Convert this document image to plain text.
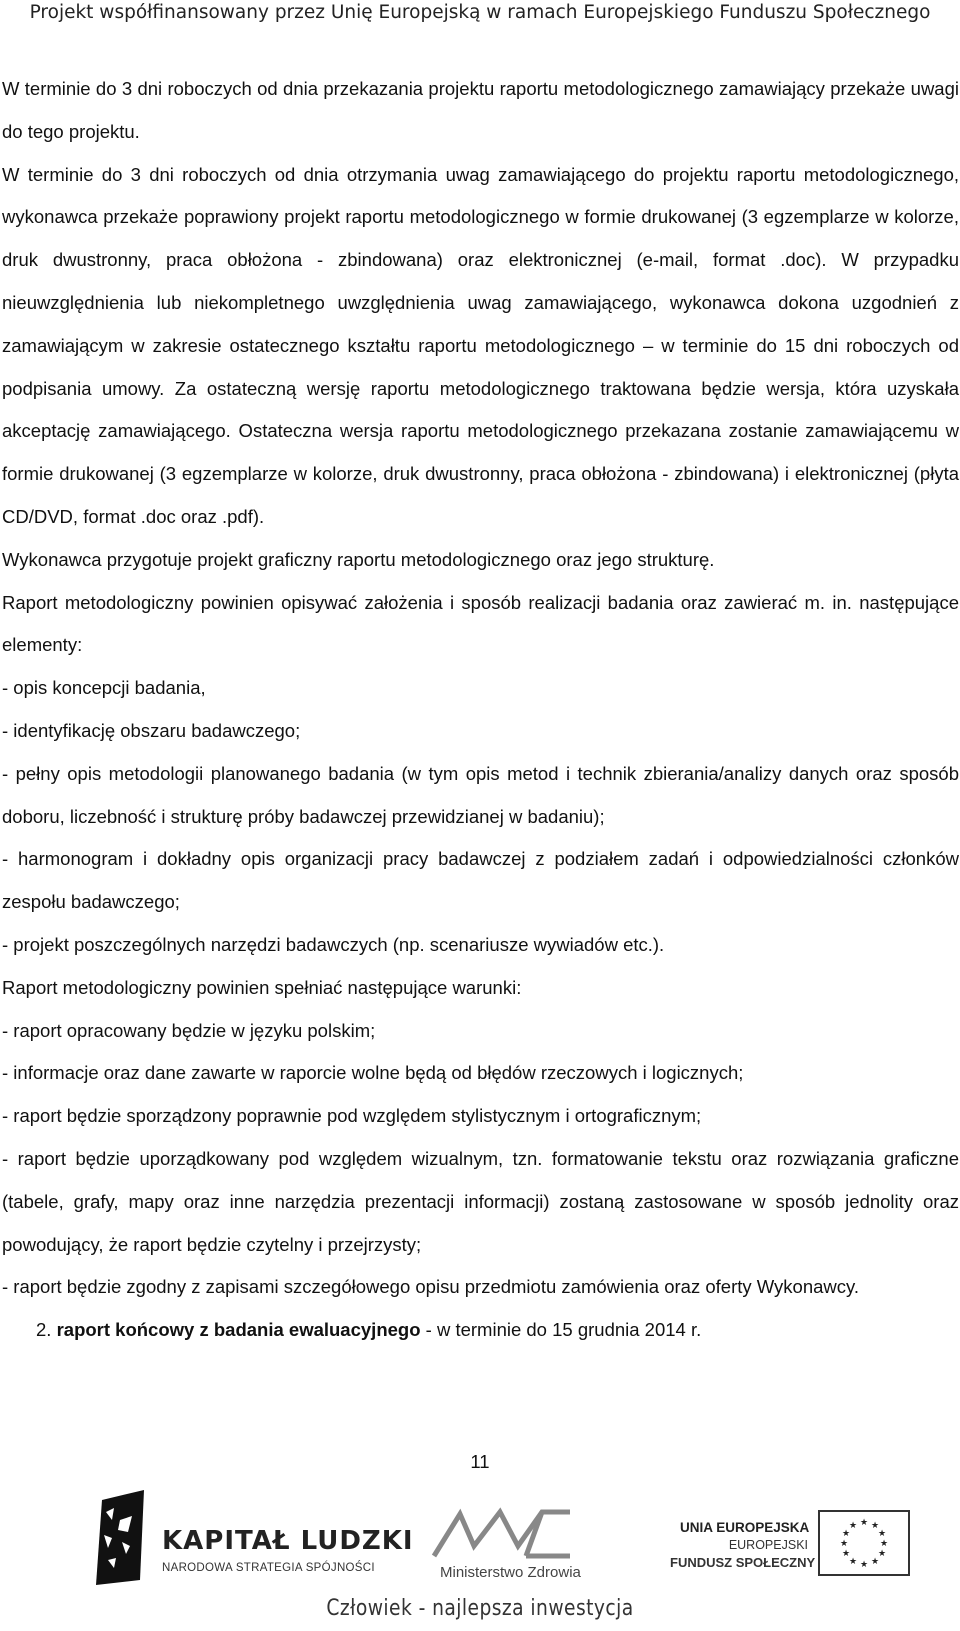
Projekt współfinansowany przez Unię Europejską w ramach Europejskiego Funduszu Społecznego

W terminie do 3 dni roboczych od dnia przekazania projektu raportu metodologicznego zamawiający przekaże uwagi do tego projektu.

W terminie do 3 dni roboczych od dnia otrzymania uwag zamawiającego do projektu raportu metodologicznego, wykonawca przekaże poprawiony projekt raportu metodologicznego w formie drukowanej (3 egzemplarze w kolorze, druk dwustronny, praca obłożona - zbindowana) oraz elektronicznej (e-mail, format .doc). W przypadku nieuwzględnienia lub niekompletnego uwzględnienia uwag zamawiającego, wykonawca dokona uzgodnień z zamawiającym w zakresie ostatecznego kształtu raportu metodologicznego – w terminie do 15 dni roboczych od podpisania umowy. Za ostateczną wersję raportu metodologicznego traktowana będzie wersja, która uzyskała akceptację zamawiającego. Ostateczna wersja raportu metodologicznego przekazana zostanie zamawiającemu w formie drukowanej (3 egzemplarze w kolorze, druk dwustronny, praca obłożona - zbindowana) i elektronicznej (płyta CD/DVD, format .doc oraz .pdf).

Wykonawca przygotuje projekt graficzny raportu metodologicznego oraz jego strukturę.

Raport metodologiczny powinien opisywać założenia i sposób realizacji badania oraz zawierać m. in. następujące elementy:

- opis koncepcji badania,

- identyfikację obszaru badawczego;

- pełny opis metodologii planowanego badania (w tym opis metod i technik zbierania/analizy danych oraz sposób doboru, liczebność i strukturę próby badawczej przewidzianej w badaniu);

- harmonogram i dokładny opis organizacji pracy badawczej z podziałem zadań i odpowiedzialności członków zespołu badawczego;

- projekt poszczególnych narzędzi badawczych (np. scenariusze wywiadów etc.).

Raport metodologiczny powinien spełniać następujące warunki:

- raport opracowany będzie w języku polskim;

- informacje oraz dane zawarte w raporcie wolne będą od błędów rzeczowych i logicznych;

- raport będzie sporządzony poprawnie pod względem stylistycznym i ortograficznym;

- raport będzie uporządkowany pod względem wizualnym, tzn. formatowanie tekstu oraz rozwiązania graficzne (tabele, grafy, mapy oraz inne narzędzia prezentacji informacji) zostaną zastosowane w sposób jednolity oraz powodujący, że raport będzie czytelny i przejrzysty;

- raport będzie zgodny z zapisami szczegółowego opisu przedmiotu zamówienia oraz oferty Wykonawcy.

2. raport końcowy z badania ewaluacyjnego - w terminie do 15 grudnia 2014 r.

11
KAPITAŁ LUDZKI
NARODOWA STRATEGIA SPÓJNOŚCI	Ministerstwo Zdrowia
UNIA EUROPEJSKA
EUROPEJSKI
FUNDUSZ SPOŁECZNY
★ ★
★
★
★
★
★
★
★
★
★
★
Człowiek - najlepsza inwestycja
